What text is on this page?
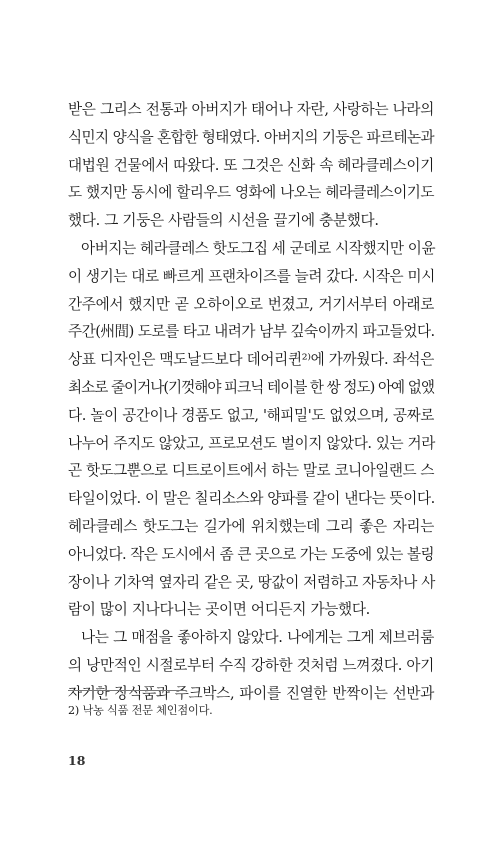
받은 그리스 전통과 아버지가 태어나 자란, 사랑하는 나라의
식민지 양식을 혼합한 형태였다. 아버지의 기둥은 파르테논과
대법원 건물에서 따왔다. 또 그것은 신화 속 헤라클레스이기
도 했지만 동시에 할리우드 영화에 나오는 헤라클레스이기도
했다. 그 기둥은 사람들의 시선을 끌기에 충분했다.
아버지는 헤라클레스 핫도그집 세 군데로 시작했지만 이윤
이 생기는 대로 빠르게 프랜차이즈를 늘려 갔다. 시작은 미시
간주에서 했지만 곧 오하이오로 번졌고, 거기서부터 아래로
주간(州間) 도로를 타고 내려가 남부 깊숙이까지 파고들었다.
상표 디자인은 맥도날드보다 데어리퀸²⁾에 가까웠다. 좌석은
최소로 줄이거나(기껏해야 피크닉 테이블 한 쌍 정도) 아예 없앴
다. 놀이 공간이나 경품도 없고, '해피밀'도 없었으며, 공짜로
나누어 주지도 않았고, 프로모션도 벌이지 않았다. 있는 거라
곤 핫도그뿐으로 디트로이트에서 하는 말로 코니아일랜드 스
타일이었다. 이 말은 칠리소스와 양파를 같이 낸다는 뜻이다.
헤라클레스 핫도그는 길가에 위치했는데 그리 좋은 자리는
아니었다. 작은 도시에서 좀 큰 곳으로 가는 도중에 있는 볼링
장이나 기차역 옆자리 같은 곳, 땅값이 저렴하고 자동차나 사
람이 많이 지나다니는 곳이면 어디든지 가능했다.
나는 그 매점을 좋아하지 않았다. 나에게는 그게 제브러룸
의 낭만적인 시절로부터 수직 강하한 것처럼 느껴졌다. 아기
자기한 장식품과 주크박스, 파이를 진열한 반짝이는 선반과
2) 낙농 식품 전문 체인점이다.
18
